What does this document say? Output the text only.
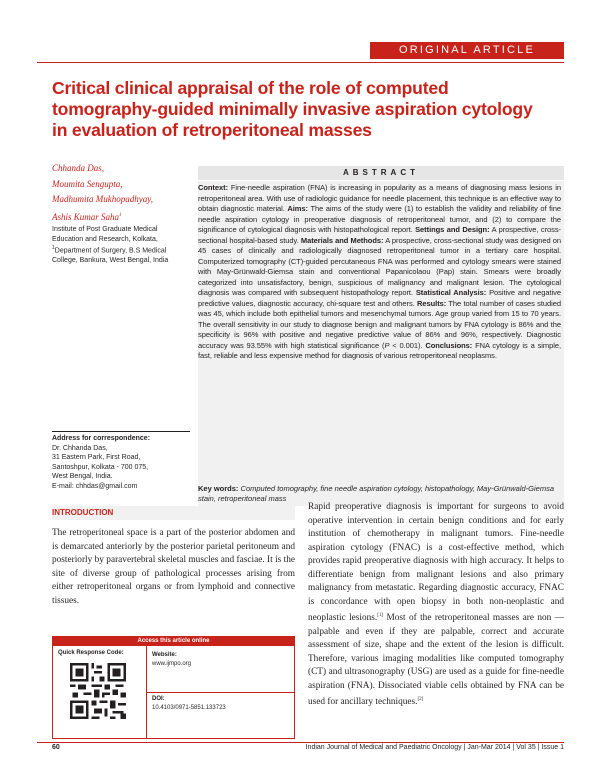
ORIGINAL ARTICLE
Critical clinical appraisal of the role of computed tomography-guided minimally invasive aspiration cytology in evaluation of retroperitoneal masses
Chhanda Das,
Moumita Sengupta,
Madhumita Mukhopadhyay,
Ashis Kumar Saha$^1$
Institute of Post Graduate Medical Education and Research, Kolkata, $^1$Department of Surgery, B.S Medical College, Bankura, West Bengal, India
Address for correspondence:
Dr. Chhanda Das,
31 Eastern Park, First Road,
Santoshpur, Kolkata - 700 075,
West Bengal, India.
E-mail: chhdas@gmail.com
ABSTRACT
Context: Fine-needle aspiration (FNA) is increasing in popularity as a means of diagnosing mass lesions in retroperitoneal area. With use of radiologic guidance for needle placement, this technique is an effective way to obtain diagnostic material. Aims: The aims of the study were (1) to establish the validity and reliability of fine needle aspiration cytology in preoperative diagnosis of retroperitoneal tumor, and (2) to compare the significance of cytological diagnosis with histopathological report. Settings and Design: A prospective, cross-sectional hospital-based study. Materials and Methods: A prospective, cross-sectional study was designed on 45 cases of clinically and radiologically diagnosed retroperitoneal tumor in a tertiary care hospital. Computerized tomography (CT)-guided percutaneous FNA was performed and cytology smears were stained with May-Grünwald-Giemsa stain and conventional Papanicolaou (Pap) stain. Smears were broadly categorized into unsatisfactory, benign, suspicious of malignancy and malignant lesion. The cytological diagnosis was compared with subsequent histopathology report. Statistical Analysis: Positive and negative predictive values, diagnostic accuracy, chi-square test and others. Results: The total number of cases studied was 45, which include both epithelial tumors and mesenchymal tumors. Age group varied from 15 to 70 years. The overall sensitivity in our study to diagnose benign and malignant tumors by FNA cytology is 86% and the specificity is 96% with positive and negative predictive value of 86% and 96%, respectively. Diagnostic accuracy was 93.55% with high statistical significance (P < 0.001). Conclusions: FNA cytology is a simple, fast, reliable and less expensive method for diagnosis of various retroperitoneal neoplasms.
Key words: Computed tomography, fine needle aspiration cytology, histopathology, May-Grünwald-Giemsa stain, retroperitoneal mass
INTRODUCTION
The retroperitoneal space is a part of the posterior abdomen and is demarcated anteriorly by the posterior parietal peritoneum and posteriorly by paravertebral skeletal muscles and fasciae. It is the site of diverse group of pathological processes arising from either retroperitoneal organs or from lymphoid and connective tissues.
Access this article online
Quick Response Code:	Website:
www.ijmpo.org
DOI:
10.4103/0971-5851.133723
Rapid preoperative diagnosis is important for surgeons to avoid operative intervention in certain benign conditions and for early institution of chemotherapy in malignant tumors. Fine-needle aspiration cytology (FNAC) is a cost-effective method, which provides rapid preoperative diagnosis with high accuracy. It helps to differentiate benign from malignant lesions and also primary malignancy from metastatic. Regarding diagnostic accuracy, FNAC is concordance with open biopsy in both non-neoplastic and neoplastic lesions.[1] Most of the retroperitoneal masses are non — palpable and even if they are palpable, correct and accurate assessment of size, shape and the extent of the lesion is difficult. Therefore, various imaging modalities like computed tomography (CT) and ultrasonography (USG) are used as a guide for fine-needle aspiration (FNA). Dissociated viable cells obtained by FNA can be used for ancillary techniques.[2]
60	Indian Journal of Medical and Paediatric Oncology | Jan-Mar 2014 | Vol 35 | Issue 1
